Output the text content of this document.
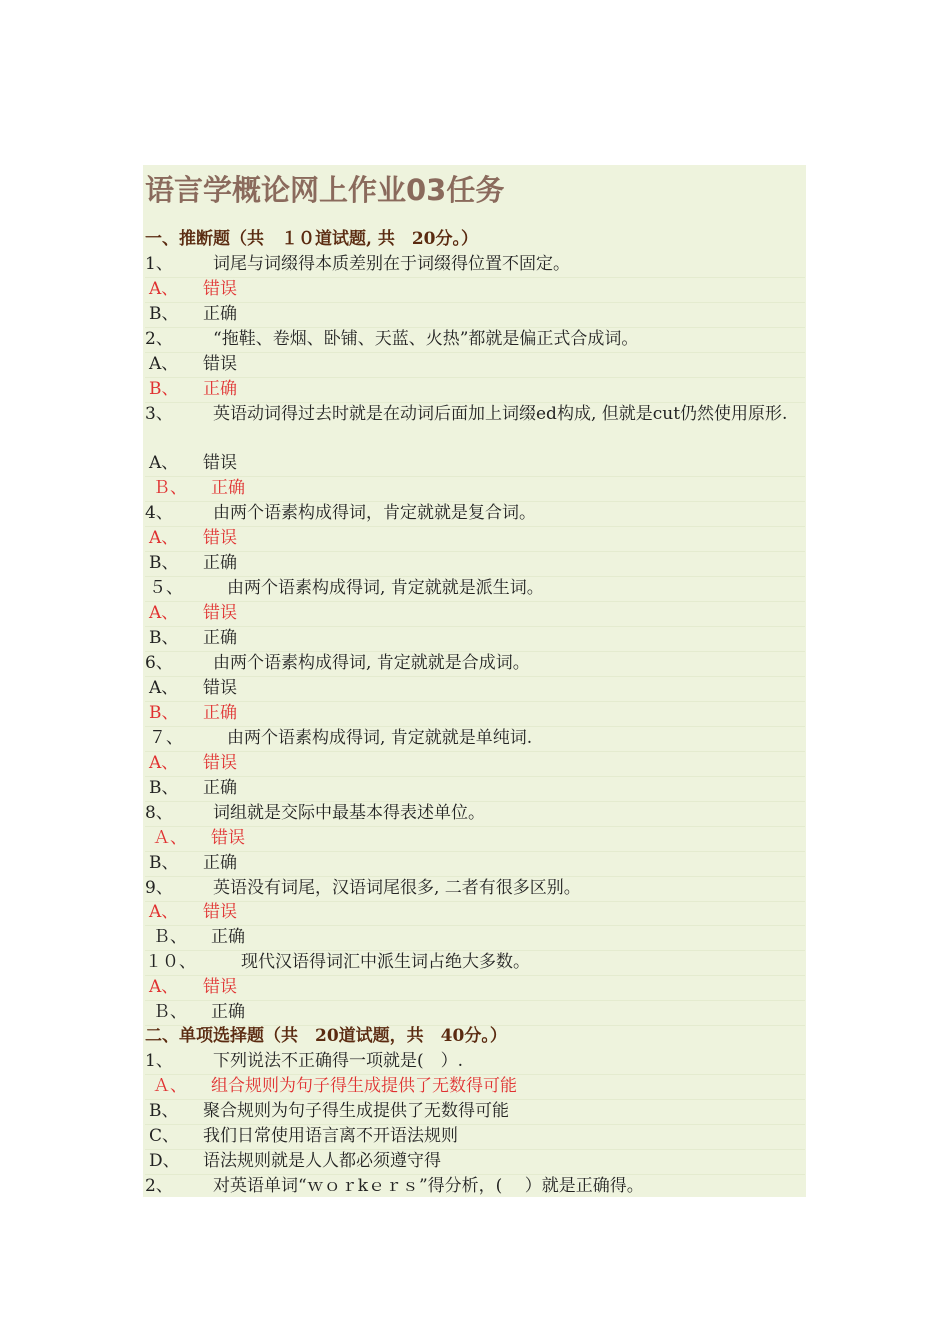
语言学概论网上作业03任务
一、推断题（共　１０道试题, 共　20分。）
1、 词尾与词缀得本质差别在于词缀得位置不固定。
A、 错误
B、 正确
2、 “拖鞋、卷烟、卧铺、天蓝、火热”都就是偏正式合成词。
A、 错误
B、 正确
3、 英语动词得过去时就是在动词后面加上词缀ed构成, 但就是cut仍然使用原形.
A、 错误
Ｂ、 正确
4、 由两个语素构成得词，肯定就就是复合词。
A、 错误
B、 正确
５、	由两个语素构成得词, 肯定就就是派生词。
A、 错误
B、 正确
6、 由两个语素构成得词, 肯定就就是合成词。
A、 错误
B、 正确
７、	由两个语素构成得词, 肯定就就是单纯词.
A、 错误
B、 正确
8、 词组就是交际中最基本得表述单位。
Ａ、 错误
B、 正确
9、 英语没有词尾，汉语词尾很多, 二者有很多区别。
A、 错误
Ｂ、 正确
１０、	现代汉语得词汇中派生词占绝大多数。
A、 错误
Ｂ、 正确
二、单项选择题（共　20道试题，共　40分。）
1、 下列说法不正确得一项就是(　）.
Ａ、 组合规则为句子得生成提供了无数得可能
B、 聚合规则为句子得生成提供了无数得可能
C、 我们日常使用语言离不开语法规则
D、 语法规则就是人人都必须遵守得
2、 对英语单词“ｗｏｒkｅｒｓ”得分析，(　 ）就是正确得。
